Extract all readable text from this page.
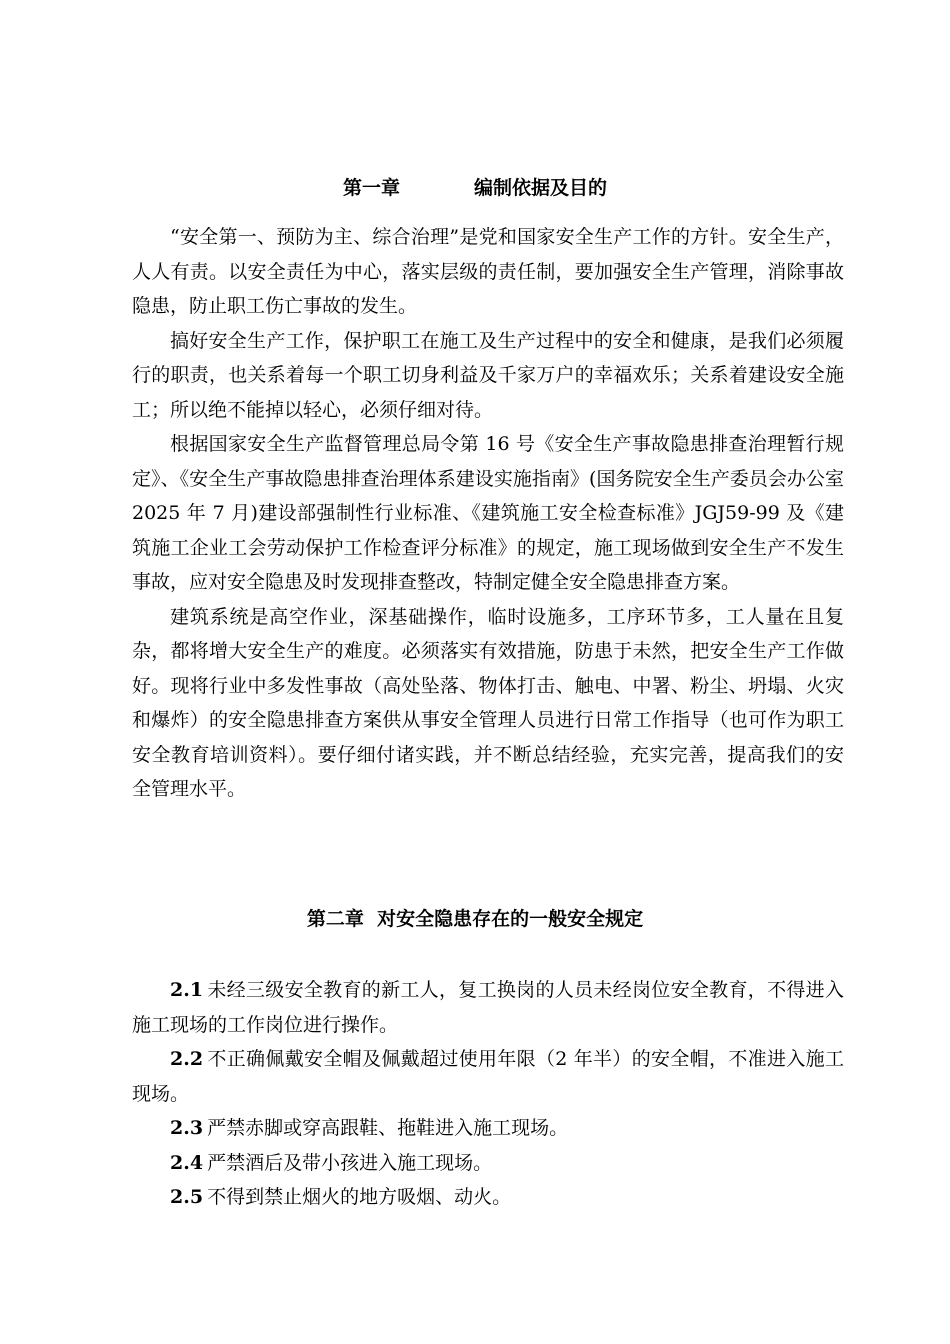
第一章	编制依据及目的

“安全第一、预防为主、综合治理”是党和国家安全生产工作的方针。安全生产，人人有责。以安全责任为中心，落实层级的责任制，要加强安全生产管理，消除事故隐患，防止职工伤亡事故的发生。

搞好安全生产工作，保护职工在施工及生产过程中的安全和健康，是我们必须履行的职责，也关系着每一个职工切身利益及千家万户的幸福欢乐；关系着建设安全施工；所以绝不能掉以轻心，必须仔细对待。

根据国家安全生产监督管理总局令第 16 号《安全生产事故隐患排查治理暂行规定》、《安全生产事故隐患排查治理体系建设实施指南》(国务院安全生产委员会办公室 2025 年 7 月)建设部强制性行业标准、《建筑施工安全检查标准》JGJ59-99 及《建筑施工企业工会劳动保护工作检查评分标准》的规定，施工现场做到安全生产不发生事故，应对安全隐患及时发现排查整改，特制定健全安全隐患排查方案。

建筑系统是高空作业，深基础操作，临时设施多，工序环节多，工人量在且复杂，都将增大安全生产的难度。必须落实有效措施，防患于未然，把安全生产工作做好。现将行业中多发性事故（高处坠落、物体打击、触电、中署、粉尘、坍塌、火灾和爆炸）的安全隐患排查方案供从事安全管理人员进行日常工作指导（也可作为职工安全教育培训资料）。要仔细付诸实践，并不断总结经验，充实完善，提高我们的安全管理水平。

第二章  对安全隐患存在的一般安全规定

2.1 未经三级安全教育的新工人，复工换岗的人员未经岗位安全教育，不得进入施工现场的工作岗位进行操作。

2.2 不正确佩戴安全帽及佩戴超过使用年限（2 年半）的安全帽，不准进入施工现场。

2.3 严禁赤脚或穿高跟鞋、拖鞋进入施工现场。

2.4 严禁酒后及带小孩进入施工现场。

2.5 不得到禁止烟火的地方吸烟、动火。
